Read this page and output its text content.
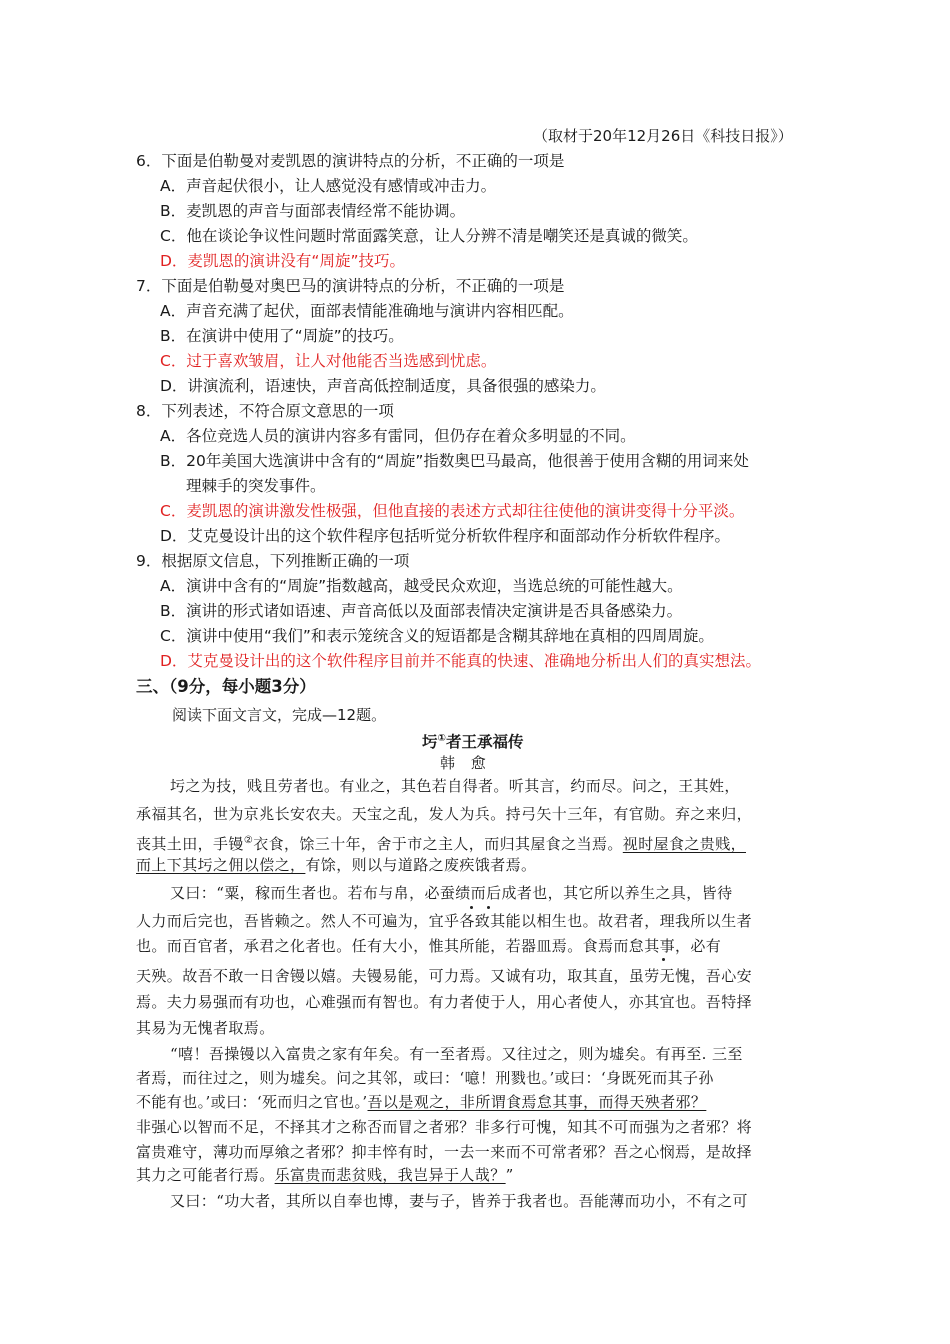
（取材于20年12月26日《科技日报》）
6．下面是伯勒曼对麦凯恩的演讲特点的分析，不正确的一项是
A．声音起伏很小，让人感觉没有感情或冲击力。
B．麦凯恩的声音与面部表情经常不能协调。
C．他在谈论争议性问题时常面露笑意，让人分辨不清是嘲笑还是真诚的微笑。
D．麦凯恩的演讲没有“周旋”技巧。
7．下面是伯勒曼对奥巴马的演讲特点的分析，不正确的一项是
A．声音充满了起伏，面部表情能准确地与演讲内容相匹配。
B．在演讲中使用了“周旋”的技巧。
C．过于喜欢皱眉，让人对他能否当选感到忧虑。
D．讲演流利，语速快，声音高低控制适度，具备很强的感染力。
8．下列表述，不符合原文意思的一项
A．各位竞选人员的演讲内容多有雷同，但仍存在着众多明显的不同。
B．20年美国大选演讲中含有的“周旋”指数奥巴马最高，他很善于使用含糊的用词来处
理棘手的突发事件。
C．麦凯恩的演讲激发性极强，但他直接的表述方式却往往使他的演讲变得十分平淡。
D．艾克曼设计出的这个软件程序包括听觉分析软件程序和面部动作分析软件程序。
9．根据原文信息，下列推断正确的一项
A．演讲中含有的“周旋”指数越高，越受民众欢迎，当选总统的可能性越大。
B．演讲的形式诸如语速、声音高低以及面部表情决定演讲是否具备感染力。
C．演讲中使用“我们”和表示笼统含义的短语都是含糊其辞地在真相的四周周旋。
D．艾克曼设计出的这个软件程序目前并不能真的快速、准确地分析出人们的真实想法。
三、（9分，每小题3分）
阅读下面文言文，完成—12题。
圬①者王承福传
韩　愈
圬之为技，贱且劳者也。有业之，其色若自得者。听其言，约而尽。问之，王其姓，
承福其名，世为京兆长安农夫。天宝之乱，发人为兵。持弓矢十三年，有官勋。弃之来归，
丧其土田，手镘②衣食，馀三十年，舍于市之主人，而归其屋食之当焉。视时屋食之贵贱，
而上下其圬之佣以偿之，有馀，则以与道路之废疾饿者焉。
又曰：“粟，稼而生者也。若布与帛，必蚕绩而后成者也，其它所以养生之具，皆待
人力而后完也，吾皆赖之。然人不可遍为，宜乎各致其能以相生也。故君者，理我所以生者
也。而百官者，承君之化者也。任有大小，惟其所能，若器皿焉。食焉而怠其事，必有
天殃。故吾不敢一日舍镘以嬉。夫镘易能，可力焉。又诚有功，取其直，虽劳无愧，吾心安
焉。夫力易强而有功也，心难强而有智也。有力者使于人，用心者使人，亦其宜也。吾特择
其易为无愧者取焉。
“嘻！吾操镘以入富贵之家有年矣。有一至者焉。又往过之，则为墟矣。有再至. 三至
者焉，而往过之，则为墟矣。问之其邻，或曰：‘噫！刑戮也。’或曰：‘身既死而其子孙
不能有也。’或曰：‘死而归之官也。’吾以是观之，非所谓食焉怠其事，而得天殃者邪？
非强心以智而不足，不择其才之称否而冒之者邪？非多行可愧，知其不可而强为之者邪？将
富贵难守，薄功而厚飨之者邪？抑丰悴有时，一去一来而不可常者邪？吾之心悯焉，是故择
其力之可能者行焉。乐富贵而悲贫贱，我岂异于人哉？”
又曰：“功大者，其所以自奉也博，妻与子，皆养于我者也。吾能薄而功小，不有之可
